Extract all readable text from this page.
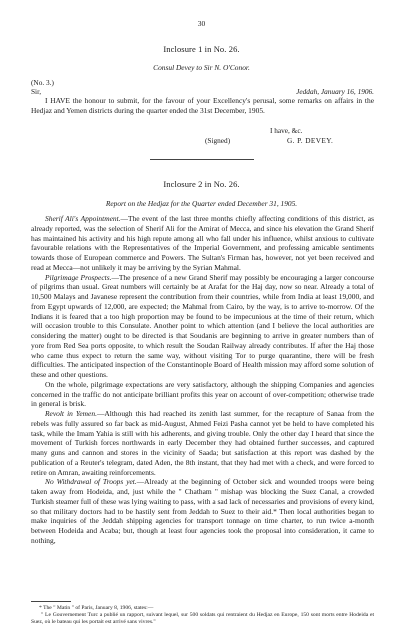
30
Inclosure 1 in No. 26.
Consul Devey to Sir N. O'Conor.
(No. 3.)
Sir,	Jeddah, January 16, 1906.

I HAVE the honour to submit, for the favour of your Excellency's perusal, some remarks on affairs in the Hedjaz and Yemen districts during the quarter ended the 31st December, 1905.

I have, &c.
(Signed)	G. P. DEVEY.
Inclosure 2 in No. 26.
Report on the Hedjaz for the Quarter ended December 31, 1905.

Sherif Ali's Appointment.—The event of the last three months chiefly affecting conditions of this district, as already reported, was the selection of Sherif Ali for the Amirat of Mecca, and since his elevation the Grand Sherif has maintained his activity and his high repute among all who fall under his influence, whilst anxious to cultivate favourable relations with the Representatives of the Imperial Government, and professing amicable sentiments towards those of European commerce and Powers. The Sultan's Firman has, however, not yet been received and read at Mecca—not unlikely it may be arriving by the Syrian Mahmal.

Pilgrimage Prospects.—The presence of a new Grand Sherif may possibly be encouraging a larger concourse of pilgrims than usual. Great numbers will certainly be at Arafat for the Haj day, now so near. Already a total of 10,500 Malays and Javanese represent the contribution from their countries, while from India at least 19,000, and from Egypt upwards of 12,000, are expected; the Mahmal from Cairo, by the way, is to arrive to-morrow. Of the Indians it is feared that a too high proportion may be found to be impecunious at the time of their return, which will occasion trouble to this Consulate. Another point to which attention (and I believe the local authorities are considering the matter) ought to be directed is that Soudanis are beginning to arrive in greater numbers than of yore from Red Sea ports opposite, to which result the Soudan Railway already contributes. If after the Haj those who came thus expect to return the same way, without visiting Tor to purge quarantine, there will be fresh difficulties. The anticipated inspection of the Constantinople Board of Health mission may afford some solution of these and other questions.

On the whole, pilgrimage expectations are very satisfactory, although the shipping Companies and agencies concerned in the traffic do not anticipate brilliant profits this year on account of over-competition; otherwise trade in general is brisk.

Revolt in Yemen.—Although this had reached its zenith last summer, for the recapture of Sanaa from the rebels was fully assured so far back as mid-August, Ahmed Feizi Pasha cannot yet be held to have completed his task, while the Imam Yahia is still with his adherents, and giving trouble. Only the other day I heard that since the movement of Turkish forces northwards in early December they had obtained further successes, and captured many guns and cannon and stores in the vicinity of Saada; but satisfaction at this report was dashed by the publication of a Reuter's telegram, dated Aden, the 8th instant, that they had met with a check, and were forced to retire on Amran, awaiting reinforcements.

No Withdrawal of Troops yet.—Already at the beginning of October sick and wounded troops were being taken away from Hodeida, and, just while the " Chatham " mishap was blocking the Suez Canal, a crowded Turkish steamer full of these was lying waiting to pass, with a sad lack of necessaries and provisions of every kind, so that military doctors had to be hastily sent from Jeddah to Suez to their aid.* Then local authorities began to make inquiries of the Jeddah shipping agencies for transport tonnage on time charter, to run twice a-month between Hodeida and Acaba; but, though at least four agencies took the proposal into consideration, it came to nothing,

* The " Matin " of Paris, January 8, 1906, states:—

" Le Gouvernement Turc a publié un rapport, suivant lequel, sur 500 soldats qui rentraient du Hedjaz en Europe, 150 sont morts entre Hodeida et Suez, où le bateau qui les portait est arrivé sans vivres."
